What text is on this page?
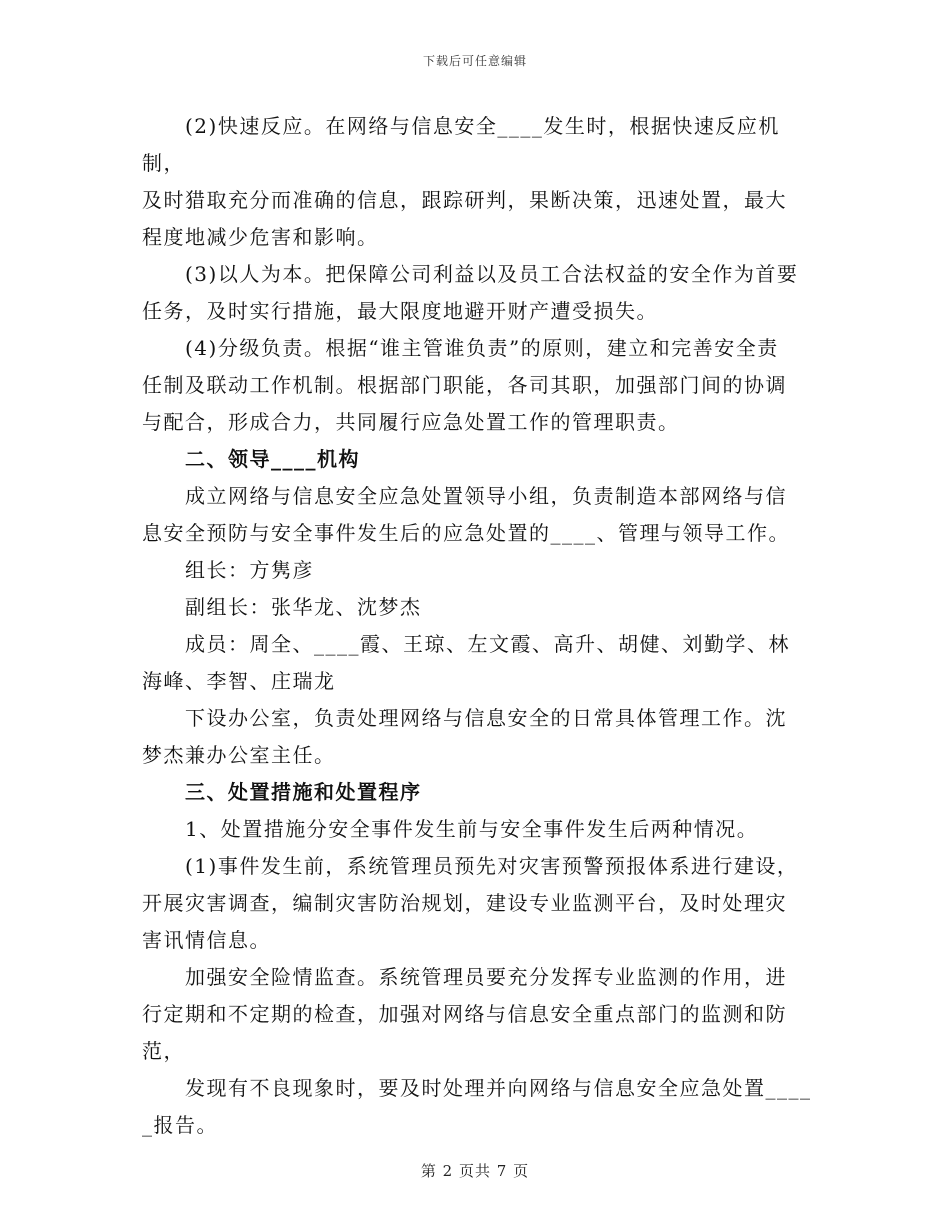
下载后可任意编辑

　　(2)快速反应。在网络与信息安全____发生时，根据快速反应机制，

及时猎取充分而准确的信息，跟踪研判，果断决策，迅速处置，最大

程度地减少危害和影响。

　　(3)以人为本。把保障公司利益以及员工合法权益的安全作为首要

任务，及时实行措施，最大限度地避开财产遭受损失。

　　(4)分级负责。根据“谁主管谁负责”的原则，建立和完善安全责

任制及联动工作机制。根据部门职能，各司其职，加强部门间的协调

与配合，形成合力，共同履行应急处置工作的管理职责。

　　二、领导____机构

　　成立网络与信息安全应急处置领导小组，负责制造本部网络与信

息安全预防与安全事件发生后的应急处置的____、管理与领导工作。

　　组长：方隽彦

　　副组长：张华龙、沈梦杰

　　成员：周全、____霞、王琼、左文霞、高升、胡健、刘勤学、林

海峰、李智、庄瑞龙

　　下设办公室，负责处理网络与信息安全的日常具体管理工作。沈

梦杰兼办公室主任。

　　三、处置措施和处置程序

　　1、处置措施分安全事件发生前与安全事件发生后两种情况。

　　(1)事件发生前，系统管理员预先对灾害预警预报体系进行建设，

开展灾害调查，编制灾害防治规划，建设专业监测平台，及时处理灾

害讯情信息。

　　加强安全险情监查。系统管理员要充分发挥专业监测的作用，进

行定期和不定期的检查，加强对网络与信息安全重点部门的监测和防

范，

　　发现有不良现象时，要及时处理并向网络与信息安全应急处置____

_报告。

第 2 页共 7 页
